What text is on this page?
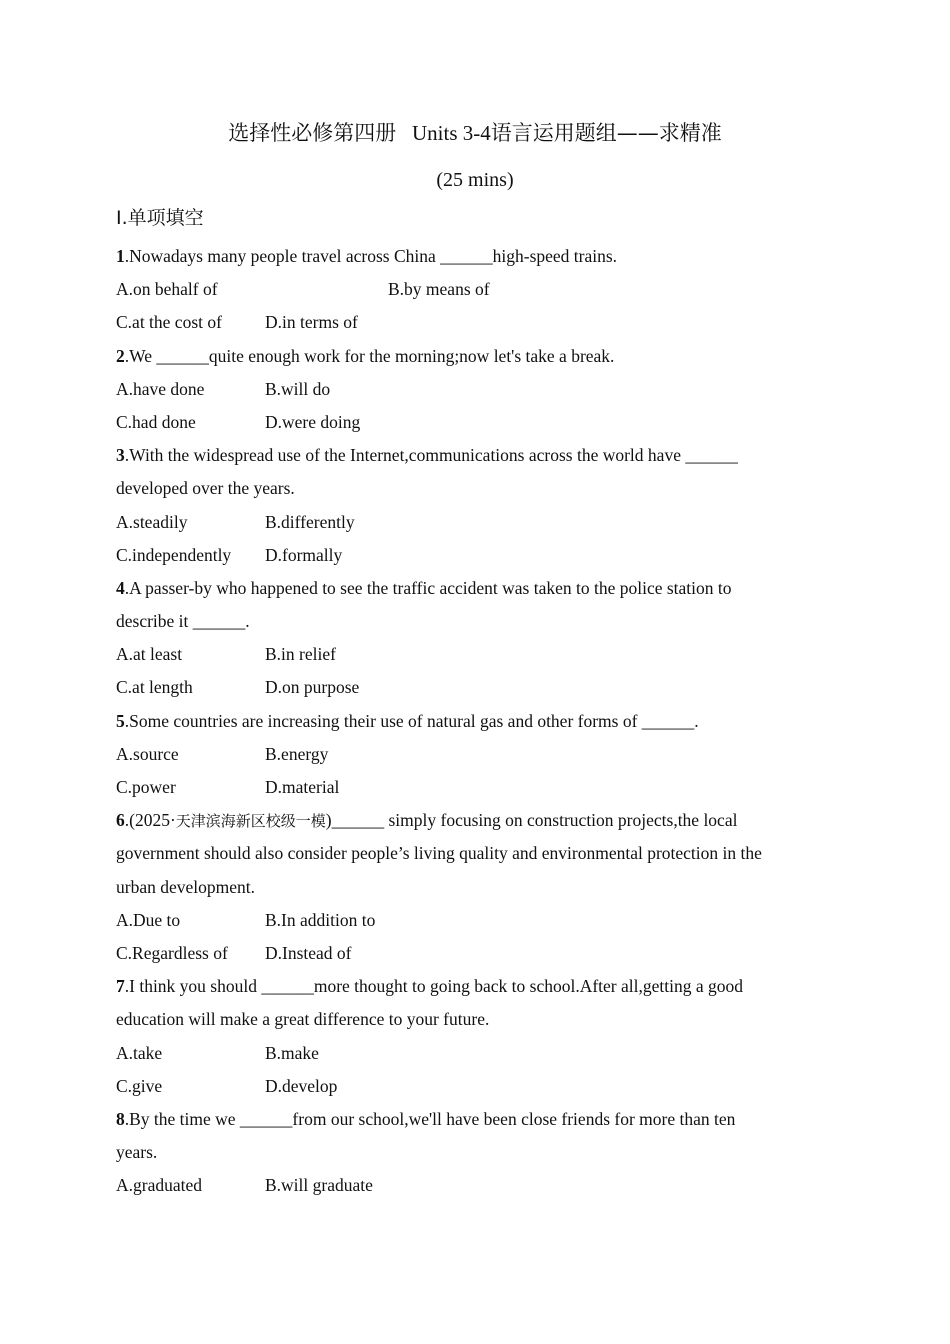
选择性必修第四册 Units 3-4语言运用题组——求精准
(25 mins)
Ⅰ.单项填空
1.Nowadays many people travel across China ______high-speed trains.
A.on behalf of	B.by means of
C.at the cost of D.in terms of
2.We ______quite enough work for the morning;now let's take a break.
A.have done	B.will do
C.had done	D.were doing
3.With the widespread use of the Internet,communications across the world have ______
developed over the years.
A.steadily	B.differently
C.independently D.formally
4.A passer-by who happened to see the traffic accident was taken to the police station to
describe it ______.
A.at least	B.in relief
C.at length	D.on purpose
5.Some countries are increasing their use of natural gas and other forms of ______.
A.source	B.energy
C.power	D.material
6.(2025·天津滨海新区校级一模)______ simply focusing on construction projects,the local
government should also consider people’s living quality and environmental protection in the
urban development.
A.Due to	B.In addition to
C.Regardless of D.Instead of
7.I think you should ______more thought to going back to school.After all,getting a good
education will make a great difference to your future.
A.take	B.make
C.give	D.develop
8.By the time we ______from our school,we'll have been close friends for more than ten
years.
A.graduated	B.will graduate
